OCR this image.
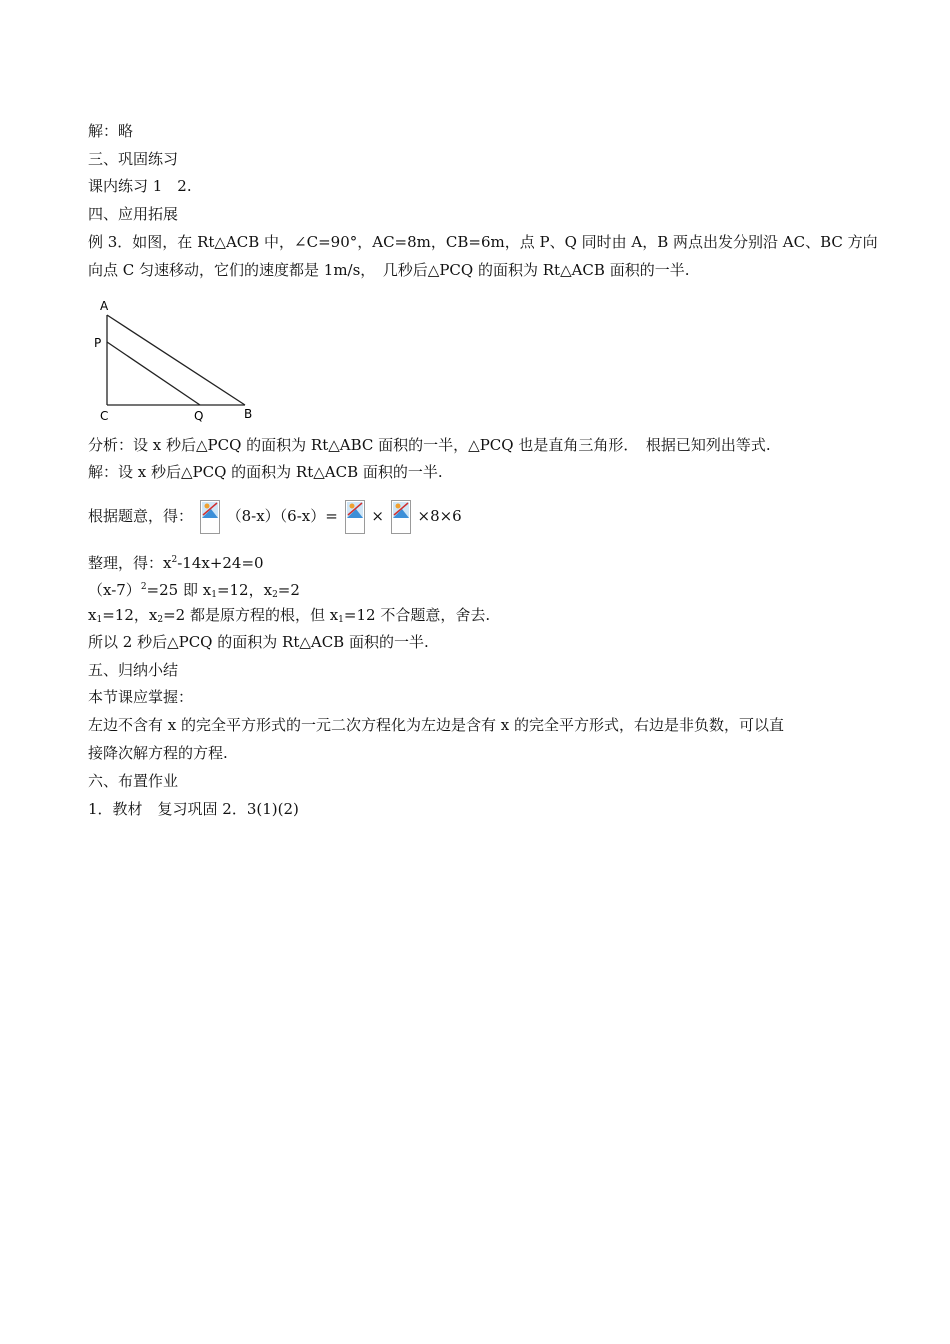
解：略
三、巩固练习
课内练习 1　2.
四、应用拓展
例 3．如图，在 Rt△ACB 中，∠C=90°，AC=8m，CB=6m，点 P、Q 同时由 A，B 两点出发分别沿 AC、BC 方向
向点 C 匀速移动，它们的速度都是 1m/s，　几秒后△PCQ 的面积为 Rt△ACB 面积的一半.
A
P
C	Q	B
分析：设 x 秒后△PCQ 的面积为 Rt△ABC 面积的一半，△PCQ 也是直角三角形．　根据已知列出等式.
解：设 x 秒后△PCQ 的面积为 Rt△ACB 面积的一半.
根据题意，得： （8-x）（6-x）= × ×8×6
整理，得：$x^2-14x+24=0$
$(x-7)^2=25$ 即 $x_1=12$，$x_2=2$
$x_1=12$，$x_2=2$ 都是原方程的根，但 $x_1=12$ 不合题意，舍去.
所以 2 秒后△PCQ 的面积为 Rt△ACB 面积的一半.
五、归纳小结
本节课应掌握：
左边不含有 x 的完全平方形式的一元二次方程化为左边是含有 x 的完全平方形式，右边是非负数，可以直
接降次解方程的方程.
六、布置作业
1．教材　复习巩固 2．3(1)(2)
